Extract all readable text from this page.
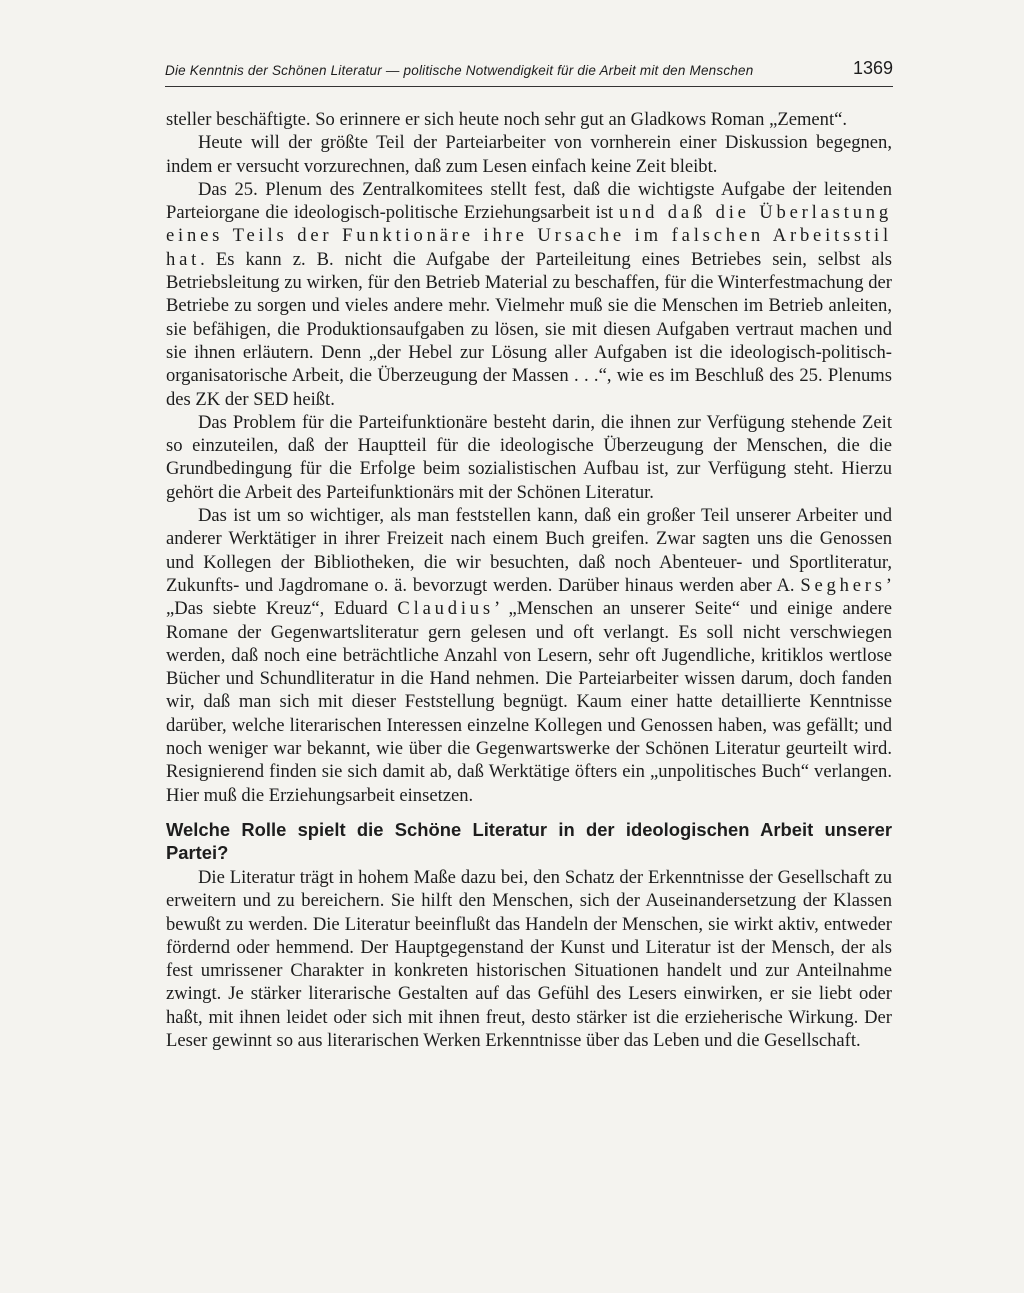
Die Kenntnis der Schönen Literatur — politische Notwendigkeit für die Arbeit mit den Menschen	1369

steller beschäftigte. So erinnere er sich heute noch sehr gut an Gladkows Roman „Zement“.

Heute will der größte Teil der Parteiarbeiter von vornherein einer Diskussion begegnen, indem er versucht vorzurechnen, daß zum Lesen einfach keine Zeit bleibt.

Das 25. Plenum des Zentralkomitees stellt fest, daß die wichtigste Aufgabe der leitenden Parteiorgane die ideologisch-politische Erziehungsarbeit ist und daß die Überlastung eines Teils der Funktionäre ihre Ursache im falschen Arbeitsstil hat. Es kann z. B. nicht die Aufgabe der Parteileitung eines Betriebes sein, selbst als Betriebsleitung zu wirken, für den Betrieb Material zu beschaffen, für die Winterfestmachung der Betriebe zu sorgen und vieles andere mehr. Vielmehr muß sie die Menschen im Betrieb anleiten, sie befähigen, die Produktionsaufgaben zu lösen, sie mit diesen Aufgaben vertraut machen und sie ihnen erläutern. Denn „der Hebel zur Lösung aller Aufgaben ist die ideologisch-politisch-organisatorische Arbeit, die Überzeugung der Massen . . .“, wie es im Beschluß des 25. Plenums des ZK der SED heißt.

Das Problem für die Parteifunktionäre besteht darin, die ihnen zur Verfügung stehende Zeit so einzuteilen, daß der Hauptteil für die ideologische Überzeugung der Menschen, die die Grundbedingung für die Erfolge beim sozialistischen Aufbau ist, zur Verfügung steht. Hierzu gehört die Arbeit des Parteifunktionärs mit der Schönen Literatur.

Das ist um so wichtiger, als man feststellen kann, daß ein großer Teil unserer Arbeiter und anderer Werktätiger in ihrer Freizeit nach einem Buch greifen. Zwar sagten uns die Genossen und Kollegen der Bibliotheken, die wir besuchten, daß noch Abenteuer- und Sportliteratur, Zukunfts- und Jagdromane o. ä. bevorzugt werden. Darüber hinaus werden aber A. Seghers’ „Das siebte Kreuz“, Eduard Claudius’ „Menschen an unserer Seite“ und einige andere Romane der Gegenwartsliteratur gern gelesen und oft verlangt. Es soll nicht verschwiegen werden, daß noch eine beträchtliche Anzahl von Lesern, sehr oft Jugendliche, kritiklos wertlose Bücher und Schundliteratur in die Hand nehmen. Die Parteiarbeiter wissen darum, doch fanden wir, daß man sich mit dieser Feststellung begnügt. Kaum einer hatte detaillierte Kenntnisse darüber, welche literarischen Interessen einzelne Kollegen und Genossen haben, was gefällt; und noch weniger war bekannt, wie über die Gegenwartswerke der Schönen Literatur geurteilt wird. Resignierend finden sie sich damit ab, daß Werktätige öfters ein „unpolitisches Buch“ verlangen. Hier muß die Erziehungsarbeit einsetzen.

Welche Rolle spielt die Schöne Literatur in der ideologischen Arbeit unserer Partei?

Die Literatur trägt in hohem Maße dazu bei, den Schatz der Erkenntnisse der Gesellschaft zu erweitern und zu bereichern. Sie hilft den Menschen, sich der Auseinandersetzung der Klassen bewußt zu werden. Die Literatur beeinflußt das Handeln der Menschen, sie wirkt aktiv, entweder fördernd oder hemmend. Der Hauptgegenstand der Kunst und Literatur ist der Mensch, der als fest umrissener Charakter in konkreten historischen Situationen handelt und zur Anteilnahme zwingt. Je stärker literarische Gestalten auf das Gefühl des Lesers einwirken, er sie liebt oder haßt, mit ihnen leidet oder sich mit ihnen freut, desto stärker ist die erzieherische Wirkung. Der Leser gewinnt so aus literarischen Werken Erkenntnisse über das Leben und die Gesellschaft.
